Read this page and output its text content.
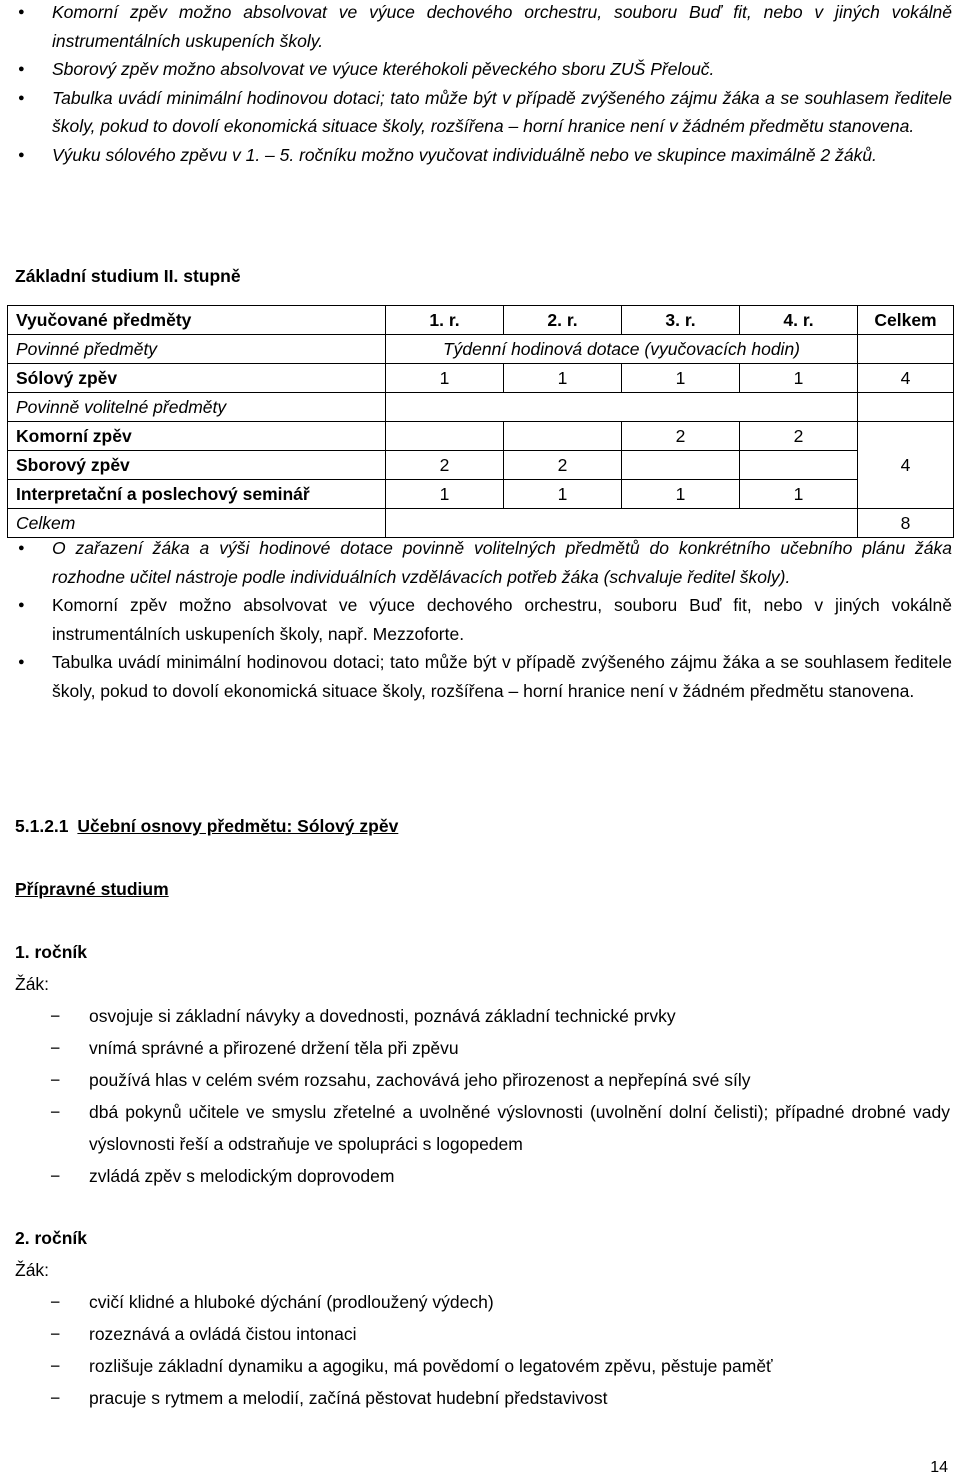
● Komorní zpěv možno absolvovat ve výuce dechového orchestru, souboru Buď fit, nebo v jiných vokálně instrumentálních uskupeních školy.
● Sborový zpěv možno absolvovat ve výuce kteréhokoli pěveckého sboru ZUŠ Přelouč.
● Tabulka uvádí minimální hodinovou dotaci; tato může být v případě zvýšeného zájmu žáka a se souhlasem ředitele školy, pokud to dovolí ekonomická situace školy, rozšířena – horní hranice není v žádném předmětu stanovena.
● Výuku sólového zpěvu v 1. – 5. ročníku možno vyučovat individuálně nebo ve skupince maximálně 2 žáků.
Základní studium II. stupně
Vyučované předměty	1. r.	2. r.	3. r.	4. r.	Celkem
Povinné předměty	Týdenní hodinová dotace (vyučovacích hodin)				
Sólový zpěv	1	1	1	1	4
Povinně volitelné předměty					
Komorní zpěv			2	2	4
Sborový zpěv	2	2			
Interpretační a poslechový seminář	1	1	1	1	
Celkem					8
● O zařazení žáka a výši hodinové dotace povinně volitelných předmětů do konkrétního učebního plánu žáka rozhodne učitel nástroje podle individuálních vzdělávacích potřeb žáka (schvaluje ředitel školy).
● Komorní zpěv možno absolvovat ve výuce dechového orchestru, souboru Buď fit, nebo v jiných vokálně instrumentálních uskupeních školy, např. Mezzoforte.
● Tabulka uvádí minimální hodinovou dotaci; tato může být v případě zvýšeného zájmu žáka a se souhlasem ředitele školy, pokud to dovolí ekonomická situace školy, rozšířena – horní hranice není v žádném předmětu stanovena.
5.1.2.1 Učební osnovy předmětu: Sólový zpěv
Přípravné studium
1. ročník
Žák:
− osvojuje si základní návyky a dovednosti, poznává základní technické prvky
− vnímá správné a přirozené držení těla při zpěvu
− používá hlas v celém svém rozsahu, zachovává jeho přirozenost a nepřepíná své síly
− dbá pokynů učitele ve smyslu zřetelné a uvolněné výslovnosti (uvolnění dolní čelisti); případné drobné vady výslovnosti řeší a odstraňuje ve spolupráci s logopedem
− zvládá zpěv s melodickým doprovodem
2. ročník
Žák:
− cvičí klidné a hluboké dýchání (prodloužený výdech)
− rozeznává a ovládá čistou intonaci
− rozlišuje základní dynamiku a agogiku, má povědomí o legatovém zpěvu, pěstuje paměť
− pracuje s rytmem a melodií, začíná pěstovat hudební představivost
14
